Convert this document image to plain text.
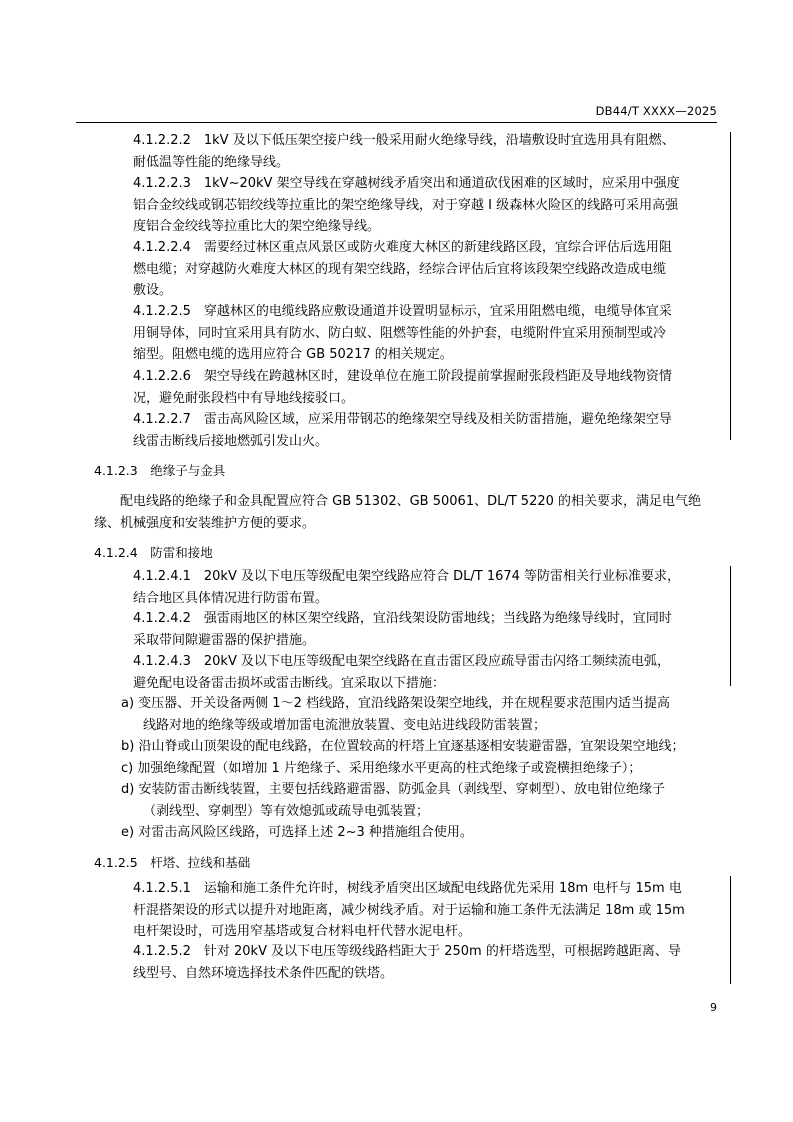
DB44/T XXXX—2025
4.1.2.2.2　1kV 及以下低压架空接户线一般采用耐火绝缘导线，沿墙敷设时宜选用具有阻燃、
耐低温等性能的绝缘导线。
4.1.2.2.3　1kV~20kV 架空导线在穿越树线矛盾突出和通道砍伐困难的区域时，应采用中强度
铝合金绞线或钢芯铝绞线等拉重比的架空绝缘导线，对于穿越 I 级森林火险区的线路可采用高强
度铝合金绞线等拉重比大的架空绝缘导线。
4.1.2.2.4　需要经过林区重点风景区或防火难度大林区的新建线路区段，宜综合评估后选用阻
燃电缆；对穿越防火难度大林区的现有架空线路，经综合评估后宜将该段架空线路改造成电缆
敷设。
4.1.2.2.5　穿越林区的电缆线路应敷设通道并设置明显标示，宜采用阻燃电缆，电缆导体宜采
用铜导体，同时宜采用具有防水、防白蚁、阻燃等性能的外护套，电缆附件宜采用预制型或冷
缩型。阻燃电缆的选用应符合 GB 50217 的相关规定。
4.1.2.2.6　架空导线在跨越林区时，建设单位在施工阶段提前掌握耐张段档距及导地线物资情
况，避免耐张段档中有导地线接驳口。
4.1.2.2.7　雷击高风险区域，应采用带钢芯的绝缘架空导线及相关防雷措施，避免绝缘架空导
线雷击断线后接地燃弧引发山火。
4.1.2.3　绝缘子与金具
配电线路的绝缘子和金具配置应符合 GB 51302、GB 50061、DL/T 5220 的相关要求，满足电气绝
缘、机械强度和安装维护方便的要求。
4.1.2.4　防雷和接地
4.1.2.4.1　20kV 及以下电压等级配电架空线路应符合 DL/T 1674 等防雷相关行业标准要求，
结合地区具体情况进行防雷布置。
4.1.2.4.2　强雷雨地区的林区架空线路，宜沿线架设防雷地线；当线路为绝缘导线时，宜同时
采取带间隙避雷器的保护措施。
4.1.2.4.3　20kV 及以下电压等级配电架空线路在直击雷区段应疏导雷击闪络工频续流电弧，
避免配电设备雷击损坏或雷击断线。宜采取以下措施：
a) 变压器、开关设备两侧 1～2 档线路，宜沿线路架设架空地线，并在规程要求范围内适当提高
线路对地的绝缘等级或增加雷电流泄放装置、变电站进线段防雷装置；
b) 沿山脊或山顶架设的配电线路，在位置较高的杆塔上宜逐基逐相安装避雷器，宜架设架空地线；
c) 加强绝缘配置（如增加 1 片绝缘子、采用绝缘水平更高的柱式绝缘子或瓷横担绝缘子）；
d) 安装防雷击断线装置，主要包括线路避雷器、防弧金具（剥线型、穿刺型）、放电钳位绝缘子
（剥线型、穿刺型）等有效熄弧或疏导电弧装置；
e) 对雷击高风险区线路，可选择上述 2~3 种措施组合使用。
4.1.2.5　杆塔、拉线和基础
4.1.2.5.1　运输和施工条件允许时，树线矛盾突出区域配电线路优先采用 18m 电杆与 15m 电
杆混搭架设的形式以提升对地距离，减少树线矛盾。对于运输和施工条件无法满足 18m 或 15m
电杆架设时，可选用窄基塔或复合材料电杆代替水泥电杆。
4.1.2.5.2　针对 20kV 及以下电压等级线路档距大于 250m 的杆塔选型，可根据跨越距离、导
线型号、自然环境选择技术条件匹配的铁塔。
9
